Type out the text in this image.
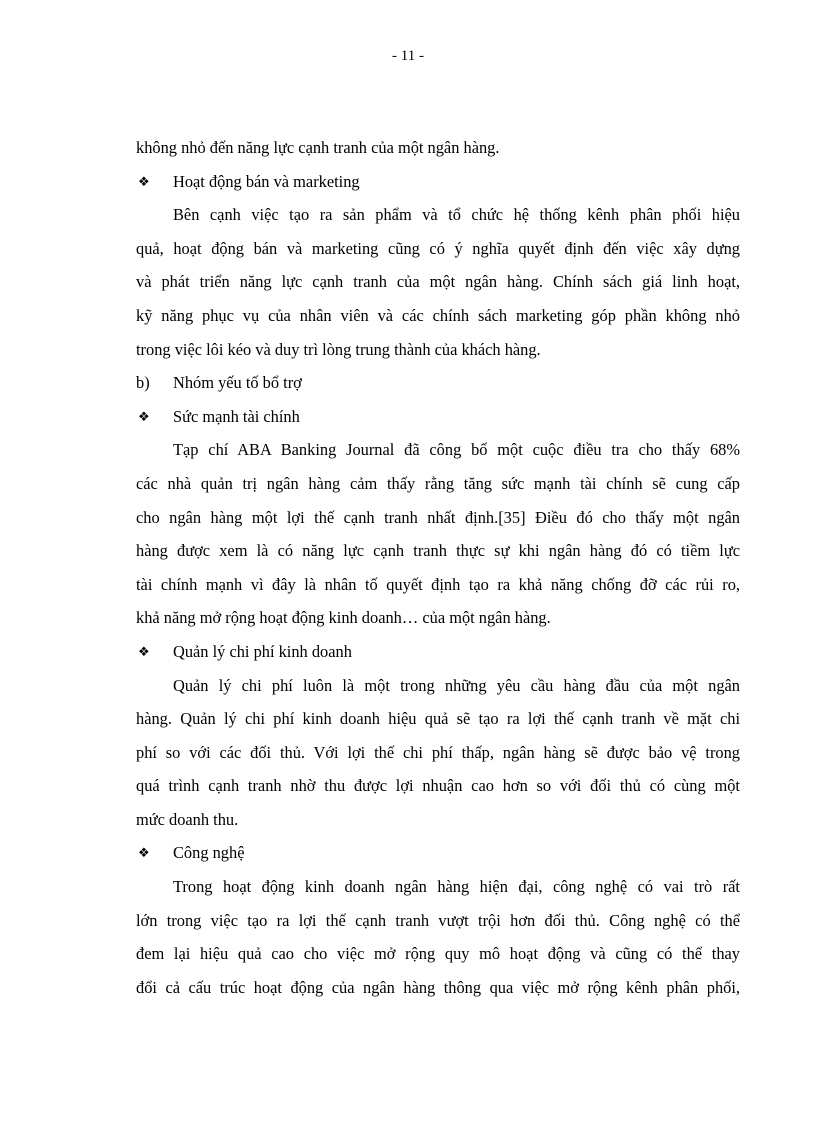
- 11 -
không nhỏ đến năng lực cạnh tranh của một ngân hàng.
❖ Hoạt động bán và marketing
Bên cạnh việc tạo ra sản phẩm và tổ chức hệ thống kênh phân phối hiệu
quả, hoạt động bán và marketing cũng có ý nghĩa quyết định đến việc xây dựng
và phát triển năng lực cạnh tranh của một ngân hàng. Chính sách giá linh hoạt,
kỹ năng phục vụ của nhân viên và các chính sách marketing góp phần không nhỏ
trong việc lôi kéo và duy trì lòng trung thành của khách hàng.
b) Nhóm yếu tố bổ trợ
❖ Sức mạnh tài chính
Tạp chí ABA Banking Journal đã công bố một cuộc điều tra cho thấy 68%
các nhà quản trị ngân hàng cảm thấy rằng tăng sức mạnh tài chính sẽ cung cấp
cho ngân hàng một lợi thế cạnh tranh nhất định.[35] Điều đó cho thấy một ngân
hàng được xem là có năng lực cạnh tranh thực sự khi ngân hàng đó có tiềm lực
tài chính mạnh vì đây là nhân tố quyết định tạo ra khả năng chống đỡ các rủi ro,
khả năng mở rộng hoạt động kinh doanh… của một ngân hàng.
❖ Quản lý chi phí kinh doanh
Quản lý chi phí luôn là một trong những yêu cầu hàng đầu của một ngân
hàng. Quản lý chi phí kinh doanh hiệu quả sẽ tạo ra lợi thế cạnh tranh về mặt chi
phí so với các đối thủ. Với lợi thế chi phí thấp, ngân hàng sẽ được bảo vệ trong
quá trình cạnh tranh nhờ thu được lợi nhuận cao hơn so với đối thủ có cùng một
mức doanh thu.
❖ Công nghệ
Trong hoạt động kinh doanh ngân hàng hiện đại, công nghệ có vai trò rất
lớn trong việc tạo ra lợi thế cạnh tranh vượt trội hơn đối thủ. Công nghệ có thể
đem lại hiệu quả cao cho việc mở rộng quy mô hoạt động và cũng có thể thay
đổi cả cấu trúc hoạt động của ngân hàng thông qua việc mở rộng kênh phân phối,
